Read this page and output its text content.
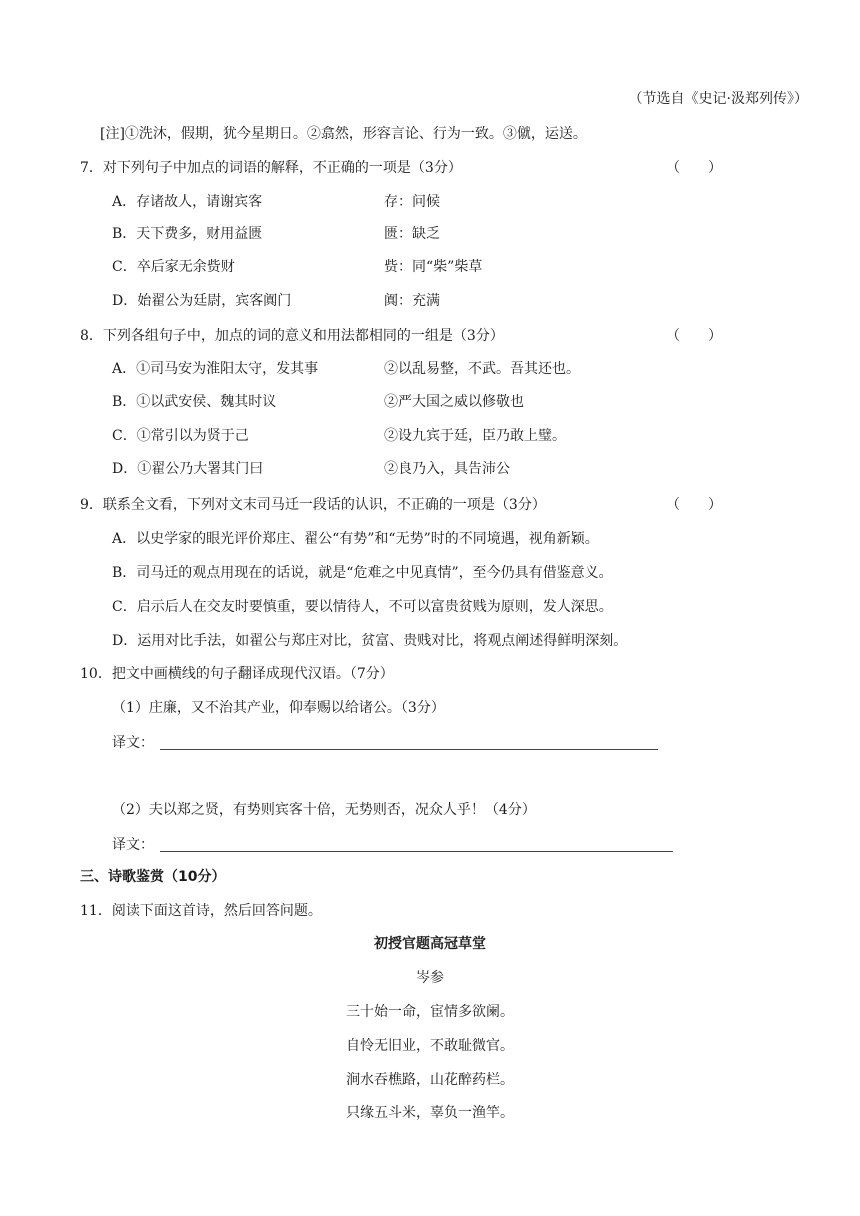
（节选自《史记·汲郑列传》）
[注]①洗沐，假期，犹今星期日。②翕然，形容言论、行为一致。③僦，运送。
7．对下列句子中加点的词语的解释，不正确的一项是（3分）	（　　）
A．存诸故人，请谢宾客	存：问候
B．天下费多，财用益匮	匮：缺乏
C．卒后家无余赀财	赀：同“柴”柴草
D．始翟公为廷尉，宾客阗门	阗：充满
8．下列各组句子中，加点的词的意义和用法都相同的一组是（3分）	（　　）
A．①司马安为淮阳太守，发其事	②以乱易整，不武。吾其还也。
B．①以武安侯、魏其时议	②严大国之威以修敬也
C．①常引以为贤于己	②设九宾于廷，臣乃敢上璧。
D．①翟公乃大署其门曰	②良乃入，具告沛公
9．联系全文看，下列对文末司马迁一段话的认识，不正确的一项是（3分）	（　　）
A．以史学家的眼光评价郑庄、翟公“有势”和“无势”时的不同境遇，视角新颖。
B．司马迁的观点用现在的话说，就是“危难之中见真情”，至今仍具有借鉴意义。
C．启示后人在交友时要慎重，要以情待人，不可以富贵贫贱为原则，发人深思。
D．运用对比手法，如翟公与郑庄对比，贫富、贵贱对比，将观点阐述得鲜明深刻。
10．把文中画横线的句子翻译成现代汉语。（7分）
（1）庄廉，又不治其产业，仰奉赐以给诸公。（3分）
译文：
（2）夫以郑之贤，有势则宾客十倍，无势则否，况众人乎！（4分）
译文：
三、诗歌鉴赏（10分）
11．阅读下面这首诗，然后回答问题。
初授官题高冠草堂
岑参
三十始一命，宦情多欲阑。
自怜无旧业，不敢耻微官。
涧水吞樵路，山花醉药栏。
只缘五斗米，辜负一渔竿。
